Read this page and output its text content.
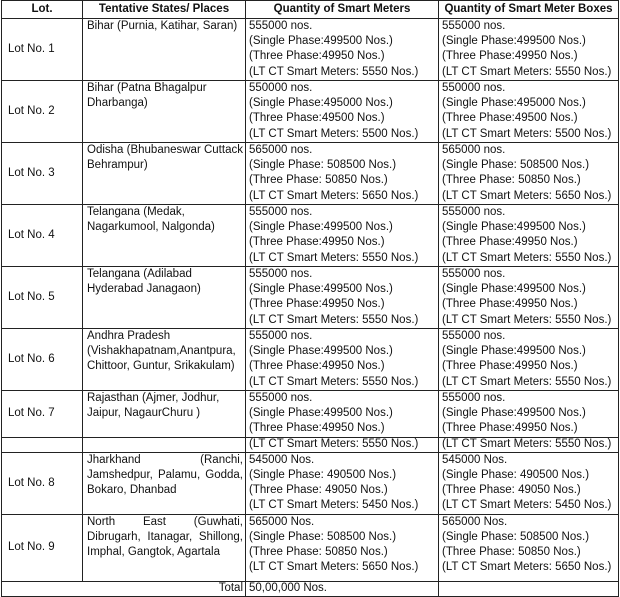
Lot.	Tentative States/ Places	Quantity of Smart Meters	Quantity of Smart Meter Boxes
Lot No. 1	Bihar (Purnia, Katihar, Saran)	555000 nos.
(Single Phase:499500 Nos.)
(Three Phase:49950 Nos.)
(LT CT Smart Meters: 5550 Nos.)	555000 nos.
(Single Phase:499500 Nos.)
(Three Phase:49950 Nos.)
(LT CT Smart Meters: 5550 Nos.)

Lot No. 2	Bihar (Patna Bhagalpur Dharbanga)	550000 nos.
(Single Phase:495000 Nos.)
(Three Phase:49500 Nos.)
(LT CT Smart Meters: 5500 Nos.)	550000 nos.
(Single Phase:495000 Nos.)
(Three Phase:49500 Nos.)
(LT CT Smart Meters: 5500 Nos.)

Lot No. 3	Odisha (Bhubaneswar Cuttack Behrampur)	565000 nos.
(Single Phase: 508500 Nos.)
(Three Phase: 50850 Nos.)
(LT CT Smart Meters: 5650 Nos.)	565000 nos.
(Single Phase: 508500 Nos.)
(Three Phase: 50850 Nos.)
(LT CT Smart Meters: 5650 Nos.)

Lot No. 4	Telangana (Medak, Nagarkumool, Nalgonda)	555000 nos.
(Single Phase:499500 Nos.)
(Three Phase:49950 Nos.)
(LT CT Smart Meters: 5550 Nos.)	555000 nos.
(Single Phase:499500 Nos.)
(Three Phase:49950 Nos.)
(LT CT Smart Meters: 5550 Nos.)

Lot No. 5	Telangana (Adilabad Hyderabad Janagaon)	555000 nos.
(Single Phase:499500 Nos.)
(Three Phase:49950 Nos.)
(LT CT Smart Meters: 5550 Nos.)	555000 nos.
(Single Phase:499500 Nos.)
(Three Phase:49950 Nos.)
(LT CT Smart Meters: 5550 Nos.)

Lot No. 6	Andhra Pradesh (Vishakhapatnam,Anantpura, Chittoor, Guntur, Srikakulam)	555000 nos.
(Single Phase:499500 Nos.)
(Three Phase:49950 Nos.)
(LT CT Smart Meters: 5550 Nos.)	555000 nos.
(Single Phase:499500 Nos.)
(Three Phase:49950 Nos.)
(LT CT Smart Meters: 5550 Nos.)

Lot No. 7	Rajasthan (Ajmer, Jodhur, Jaipur, NagaurChuru )	555000 nos.
(Single Phase:499500 Nos.)
(Three Phase:49950 Nos.)	555000 nos.
(Single Phase:499500 Nos.)
(Three Phase:49950 Nos.)

		(LT CT Smart Meters: 5550 Nos.)	(LT CT Smart Meters: 5550 Nos.)
Lot No. 8	Jharkhand (Ranchi, Jamshedpur, Palamu, Godda, Bokaro, Dhanbad	545000 Nos.
(Single Phase: 490500 Nos.)
(Three Phase: 49050 Nos.)
(LT CT Smart Meters: 5450 Nos.)	545000 Nos.
(Single Phase: 490500 Nos.)
(Three Phase: 49050 Nos.)
(LT CT Smart Meters: 5450 Nos.)

Lot No. 9	North East (Guwhati, Dibrugarh, Itanagar, Shillong, Imphal, Gangtok, Agartala	565000 Nos.
(Single Phase: 508500 Nos.)
(Three Phase: 50850 Nos.)
(LT CT Smart Meters: 5650 Nos.)	565000 Nos.
(Single Phase: 508500 Nos.)
(Three Phase: 50850 Nos.)
(LT CT Smart Meters: 5650 Nos.)

Total		50,00,000 Nos.	
